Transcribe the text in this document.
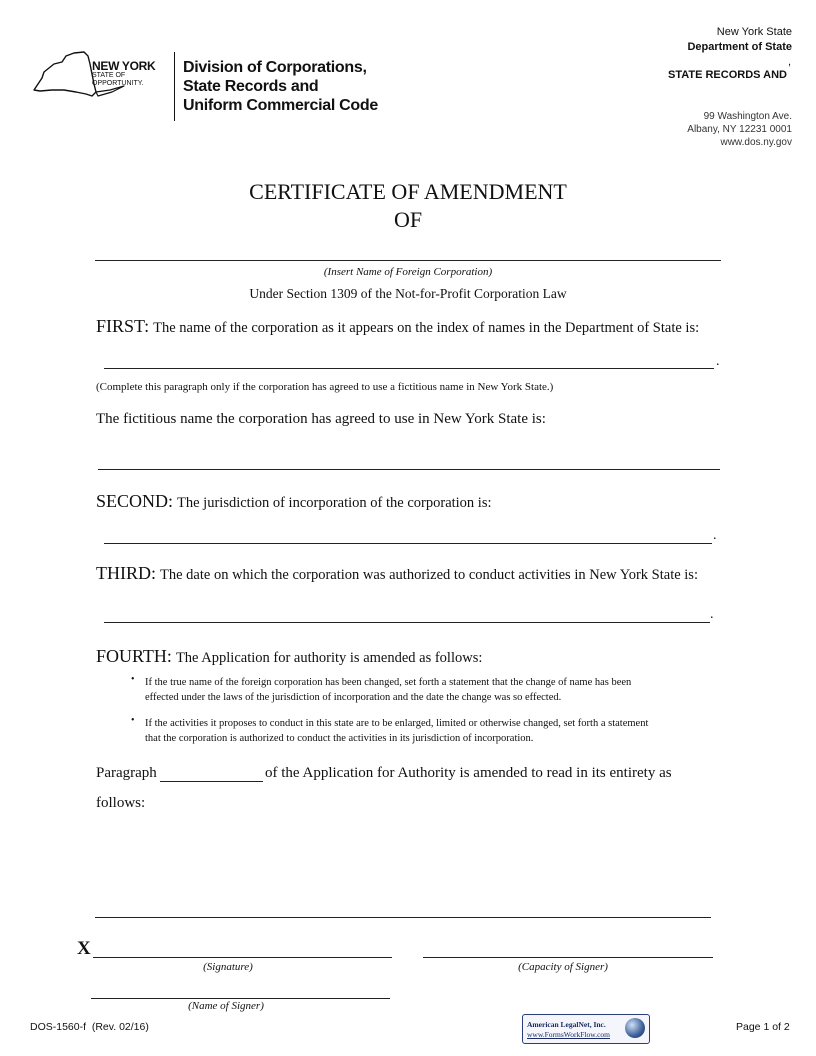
NEW YORK
STATE OF
OPPORTUNITY.
Division of Corporations,
State Records and
Uniform Commercial Code
New York State
Department of State
STATE RECORDS AND
,
99 Washington Ave.
Albany, NY 12231 0001
www.dos.ny.gov
CERTIFICATE OF AMENDMENT
OF
(Insert Name of Foreign Corporation)
Under Section 1309 of the Not-for-Profit Corporation Law
FIRST: The name of the corporation as it appears on the index of names in the Department of State is:
.
(Complete this paragraph only if the corporation has agreed to use a fictitious name in New York State.)
The fictitious name the corporation has agreed to use in New York State is:
SECOND: The jurisdiction of incorporation of the corporation is:
.
THIRD: The date on which the corporation was authorized to conduct activities in New York State is:
.
FOURTH: The Application for authority is amended as follows:
• If the true name of the foreign corporation has been changed, set forth a statement that the change of name has been
effected under the laws of the jurisdiction of incorporation and the date the change was so effected.
• If the activities it proposes to conduct in this state are to be enlarged, limited or otherwise changed, set forth a statement
that the corporation is authorized to conduct the activities in its jurisdiction of incorporation.
Paragraph	of the Application for Authority is amended to read in its entirety as
follows:
X
(Signature)	(Capacity of Signer)
(Name of Signer)
DOS-1560-f  (Rev. 02/16)	American LegalNet, Inc.
www.FormsWorkFlow.com
Page 1 of 2
